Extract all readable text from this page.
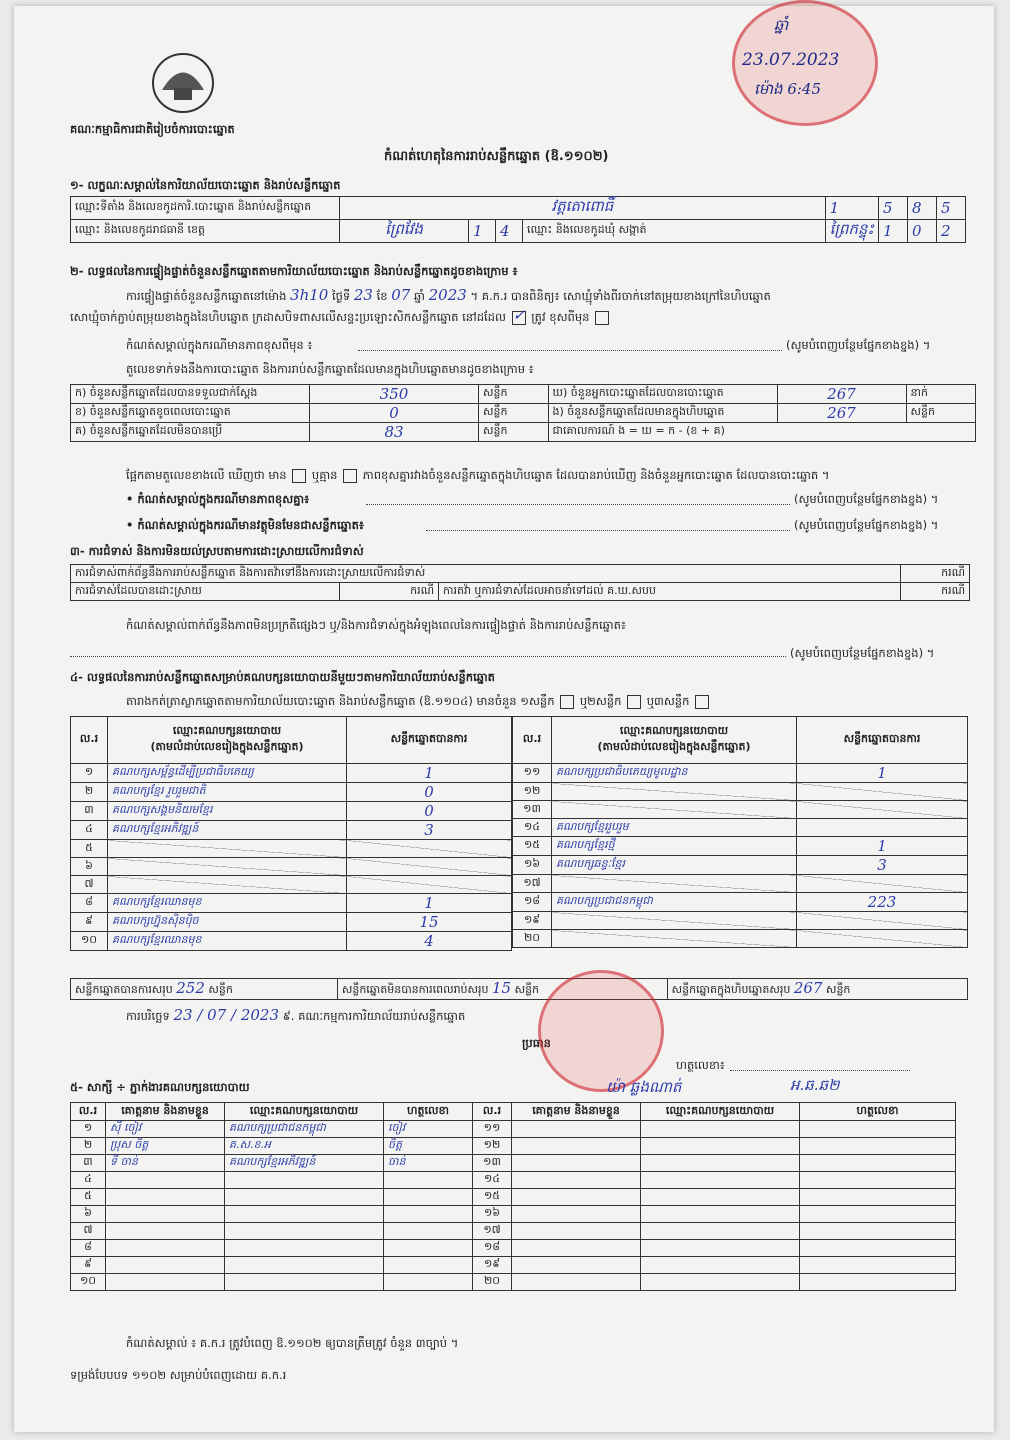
គណៈកម្មាធិការជាតិរៀបចំការបោះឆ្នោត
កំណត់ហេតុនៃការរាប់សន្លឹកឆ្នោត (ឱ.១១០២)
ឆ្នាំ
23.07.2023
ម៉ោង 6:45
១- លក្ខណៈសម្គាល់នៃការិយាល័យបោះឆ្នោត និងរាប់សន្លឹកឆ្នោត
ឈ្មោះទីតាំង និងលេខកូដការិ.បោះឆ្នោត និងរាប់សន្លឹកឆ្នោត	វត្តតោពោធិ៍				1	5	8	5
ឈ្មោះ និងលេខកូដរាជធានី ខេត្ត	ព្រៃវែង	1	4	ឈ្មោះ និងលេខកូដឃុំ សង្កាត់	ព្រៃកន្ទុះ	1	0	2
២- លទ្ធផលនៃការផ្ទៀងផ្ទាត់ចំនួនសន្លឹកឆ្នោតតាមការិយាល័យបោះឆ្នោត និងរាប់សន្លឹកឆ្នោតដូចខាងក្រោម ៖
ការផ្ទៀងផ្ទាត់ចំនួនសន្លឹកឆ្នោតនៅម៉ោង 3h10 ថ្ងៃទី 23 ខែ 07 ឆ្នាំ 2023 ។ គ.ក.រ បានពិនិត្យ៖ សោឃ្មុំទាំងពីរចាក់នៅតម្រុយខាងក្រៅនៃហិបឆ្នោត
សោឃ្មុំចាក់ភ្ជាប់តម្រុយខាងក្នុងនៃហិបឆ្នោត ក្រដាសបិទពាសលើសន្ទះប្រឡោះសិកសន្លឹកឆ្នោត នៅដដែល ✓ ត្រូវ ខុសពីមុន
កំណត់សម្គាល់ក្នុងករណីមានភាពខុសពីមុន ៖	(សូមបំពេញបន្ថែមផ្នែកខាងខ្នង) ។
តួលេខទាក់ទងនឹងការបោះឆ្នោត និងការរាប់សន្លឹកឆ្នោតដែលមានក្នុងហិបឆ្នោតមានដូចខាងក្រោម ៖
ក) ចំនួនសន្លឹកឆ្នោតដែលបានទទួលជាក់ស្តែង	350	សន្លឹក	ឃ) ចំនួនអ្នកបោះឆ្នោតដែលបានបោះឆ្នោត	267	នាក់
ខ) ចំនួនសន្លឹកឆ្នោតខូចពេលបោះឆ្នោត	0	សន្លឹក	ង) ចំនួនសន្លឹកឆ្នោតដែលមានក្នុងហិបឆ្នោត	267	សន្លឹក
គ) ចំនួនសន្លឹកឆ្នោតដែលមិនបានប្រើ	83	សន្លឹក	ជាគោលការណ៍ ង = ឃ = ក - (ខ + គ)		
ផ្អែកតាមតួលេខខាងលើ ឃើញថា មាន ឬគ្មាន ភាពខុសគ្នារវាងចំនួនសន្លឹកឆ្នោតក្នុងហិបឆ្នោត ដែលបានរាប់ឃើញ និងចំនួនអ្នកបោះឆ្នោត ដែលបានបោះឆ្នោត ។
• កំណត់សម្គាល់ក្នុងករណីមានភាពខុសគ្នា៖	(សូមបំពេញបន្ថែមផ្នែកខាងខ្នង) ។
• កំណត់សម្គាល់ក្នុងករណីមានវត្ថុមិនមែនជាសន្លឹកឆ្នោត៖	(សូមបំពេញបន្ថែមផ្នែកខាងខ្នង) ។
៣- ការជំទាស់ និងការមិនយល់ស្របតាមការដោះស្រាយលើការជំទាស់
ការជំទាស់ពាក់ព័ន្ធនឹងការរាប់សន្លឹកឆ្នោត និងការតវ៉ាទៅនឹងការដោះស្រាយលើការជំទាស់			ករណី
ការជំទាស់ដែលបានដោះស្រាយ	ករណី	ការតវ៉ា ឬការជំទាស់ដែលអាចនាំទៅដល់ គ.ឃ.សបប	ករណី
កំណត់សម្គាល់ពាក់ព័ន្ធនឹងភាពមិនប្រក្រតីផ្សេងៗ ឬ/និងការជំទាស់ក្នុងអំឡុងពេលនៃការផ្ទៀងផ្ទាត់ និងការរាប់សន្លឹកឆ្នោត៖
(សូមបំពេញបន្ថែមផ្នែកខាងខ្នង) ។
៤- លទ្ធផលនៃការរាប់សន្លឹកឆ្នោតសម្រាប់គណបក្សនយោបាយនីមួយៗតាមការិយាល័យរាប់សន្លឹកឆ្នោត
តារាងកត់ត្រាស្លាកឆ្នោតតាមការិយាល័យបោះឆ្នោត និងរាប់សន្លឹកឆ្នោត (ឱ.១១០៤) មានចំនួន ១សន្លឹក ឬ២សន្លឹក ឬ៣សន្លឹក
ល.រ	ឈ្មោះគណបក្សនយោបាយ
(តាមលំដាប់លេខរៀងក្នុងសន្លឹកឆ្នោត)	សន្លឹកឆ្នោតបានការ
១	គណបក្សសម្ព័ន្ធដើម្បីប្រជាធិបតេយ្យ	1
២	គណបក្សខ្មែរ រួបរួមជាតិ	0
៣	គណបក្សសង្គមនិយមខ្មែរ	0
៤	គណបក្សខ្មែរអភិវឌ្ឍន៍	3
៥		
៦		
៧		
៨	គណបក្សខ្មែរឈានមុខ	1
៩	គណបក្សហ្វ៊ុនស៊ិនប៉ិច	15
១០	គណបក្សខ្មែរឈានមុខ	4
ល.រ	ឈ្មោះគណបក្សនយោបាយ
(តាមលំដាប់លេខរៀងក្នុងសន្លឹកឆ្នោត)	សន្លឹកឆ្នោតបានការ
១១	គណបក្សប្រជាធិបតេយ្យមូលដ្ឋាន	1
១២		
១៣		
១៤	គណបក្សខ្មែររួបរួម	
១៥	គណបក្សខ្មែរថ្មី	1
១៦	គណបក្សឆន្ទៈខ្មែរ	3
១៧		
១៨	គណបក្សប្រជាជនកម្ពុជា	223
១៩		
២០		
សន្លឹកឆ្នោតបានការសរុប 252 សន្លឹក	សន្លឹកឆ្នោតមិនបានការពេលរាប់សរុប 15 សន្លឹក	សន្លឹកឆ្នោតក្នុងហិបឆ្នោតសរុប 267 សន្លឹក
ការបរិច្ឆេទ 23 / 07 / 2023 ៩. គណៈកម្មការការិយាល័យរាប់សន្លឹកឆ្នោត
ប្រធាន
ហត្ថលេខា៖
យ៉ា ឆ្លងណាត់	អ.ឆ.ឆ២
៥- សាក្សី ÷ ភ្នាក់ងារគណបក្សនយោបាយ
ល.រ	គោត្តនាម និងនាមខ្លួន	ឈ្មោះគណបក្សនយោបាយ	ហត្ថលេខា	ល.រ	គោត្តនាម និងនាមខ្លួន	ឈ្មោះគណបក្សនយោបាយ	ហត្ថលេខា
១	ស៊ី ចៀវ	គណបក្សប្រជាជនកម្ពុជា	ចៀវ	១១			
២	ប្រុស ចិត្ត	គ.ស.ខ.អ	ចិត្ត	១២			
៣	ទី ចាន់	គណបក្សខ្មែរអភិវឌ្ឍន៍	ចាន់	១៣			
៤				១៤			
៥				១៥			
៦				១៦			
៧				១៧			
៨				១៨			
៩				១៩			
១០				២០			
កំណត់សម្គាល់ ៖ គ.ក.រ ត្រូវបំពេញ ឱ.១១០២ ឲ្យបានត្រឹមត្រូវ ចំនួន ៣ច្បាប់ ។
ទម្រង់បែបបទ ១១០២ សម្រាប់បំពេញដោយ គ.ក.រ
